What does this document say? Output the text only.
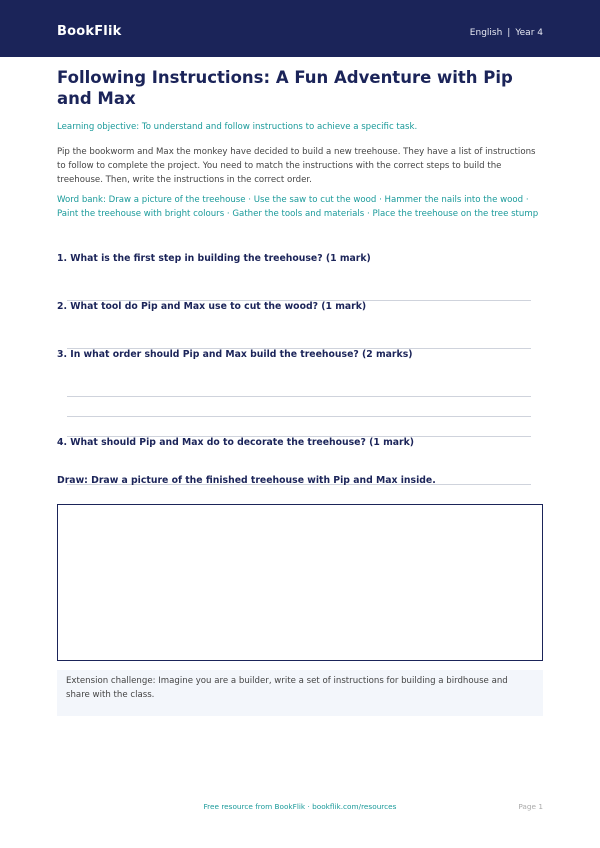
BookFlik	English | Year 4
Following Instructions: A Fun Adventure with Pip and Max

Learning objective: To understand and follow instructions to achieve a specific task.

Pip the bookworm and Max the monkey have decided to build a new treehouse. They have a list of instructions to follow to complete the project. You need to match the instructions with the correct steps to build the treehouse. Then, write the instructions in the correct order.

Word bank: Draw a picture of the treehouse · Use the saw to cut the wood · Hammer the nails into the wood · Paint the treehouse with bright colours · Gather the tools and materials · Place the treehouse on the tree stump

1. What is the first step in building the treehouse? (1 mark)
2. What tool do Pip and Max use to cut the wood? (1 mark)
3. In what order should Pip and Max build the treehouse? (2 marks)
4. What should Pip and Max do to decorate the treehouse? (1 mark)
Draw: Draw a picture of the finished treehouse with Pip and Max inside.
Extension challenge: Imagine you are a builder, write a set of instructions for building a birdhouse and share with the class.
Free resource from BookFlik · bookflik.com/resources	Page 1
